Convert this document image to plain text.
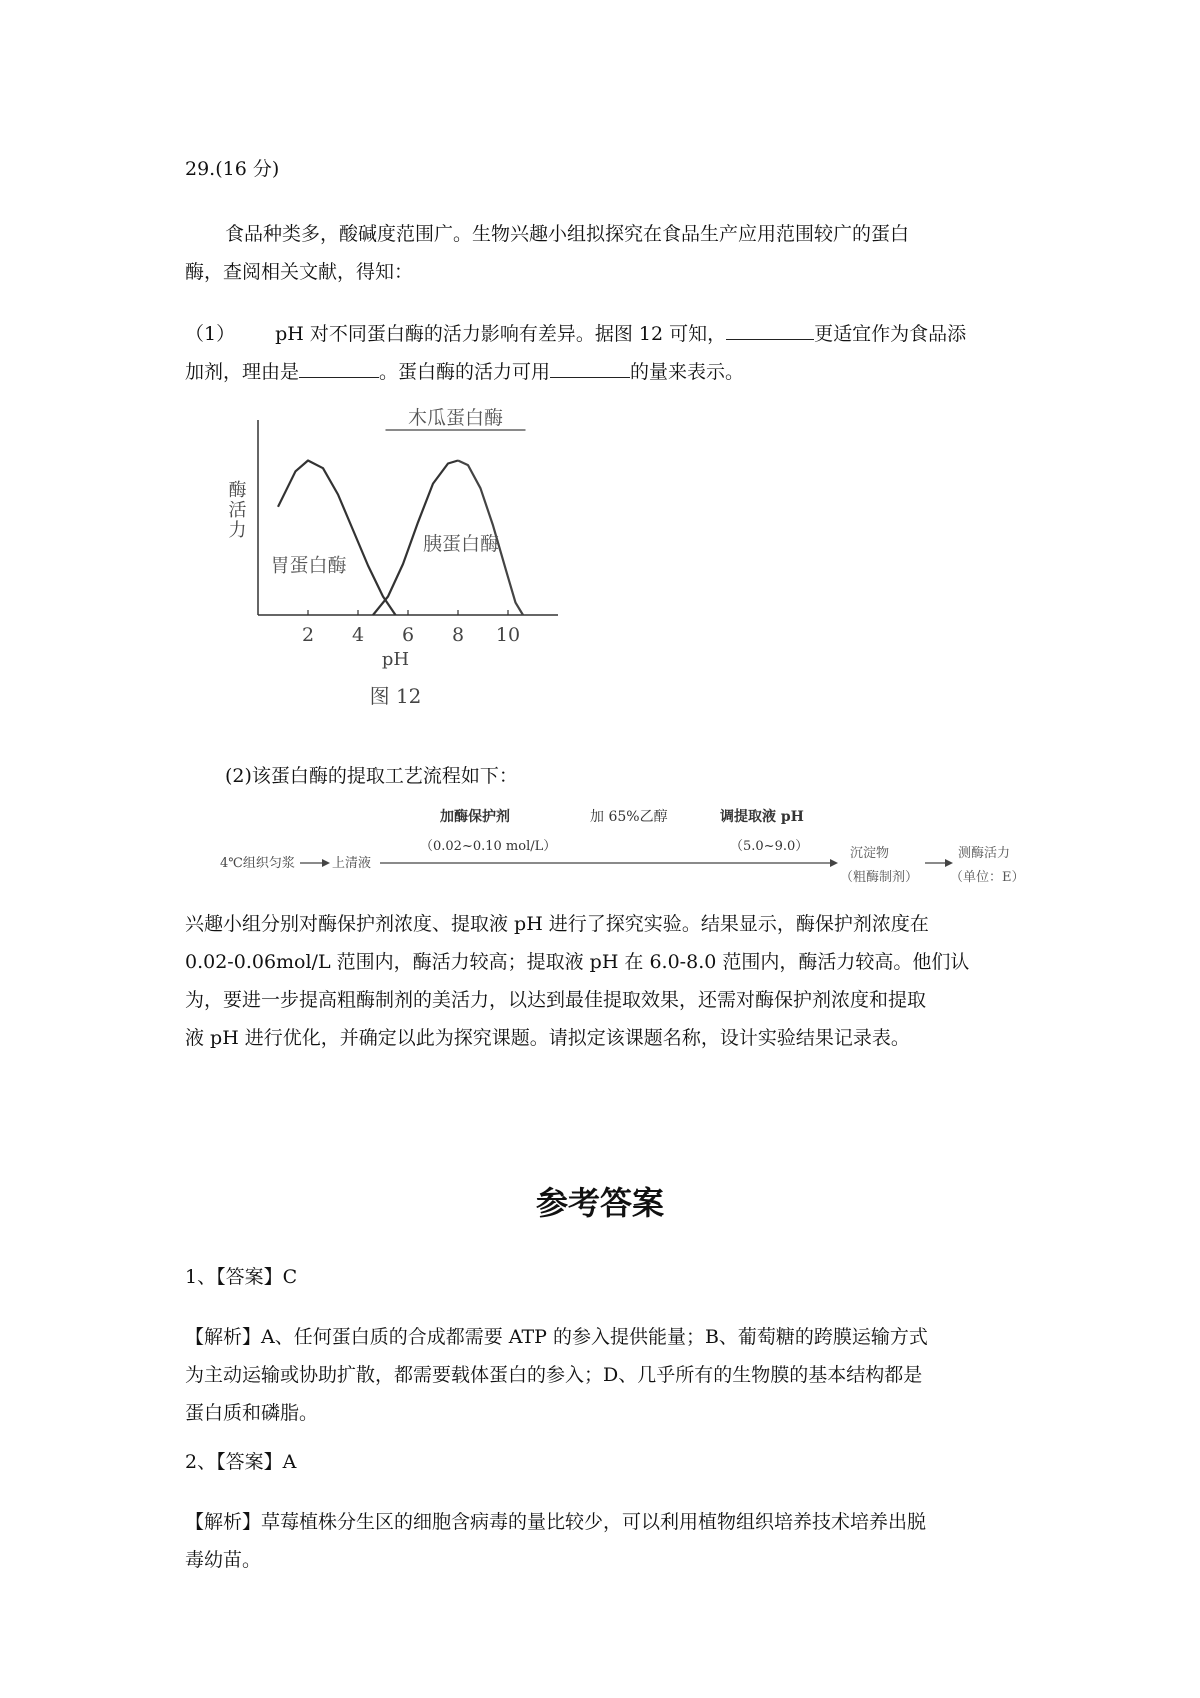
29.(16 分)
食品种类多，酸碱度范围广。生物兴趣小组拟探究在食品生产应用范围较广的蛋白
酶，查阅相关文献，得知：
（1） pH 对不同蛋白酶的活力影响有差异。据图 12 可知，	更适宜作为食品添
加剂，理由是	。蛋白酶的活力可用	的量来表示。
2 4 6 8 10
pH
酶活力
木瓜蛋白酶
胃蛋白酶
胰蛋白酶
图 12
(2)该蛋白酶的提取工艺流程如下：
4℃组织匀浆	上清液
加酶保护剂
（0.02~0.10 mol/L）
加 65%乙醇	调提取液 pH
（5.0~9.0）	沉淀物
（粗酶制剂）
测酶活力
（单位：E）
兴趣小组分别对酶保护剂浓度、提取液 pH 进行了探究实验。结果显示，酶保护剂浓度在
0.02-0.06mol/L 范围内，酶活力较高；提取液 pH 在 6.0-8.0 范围内，酶活力较高。他们认
为，要进一步提高粗酶制剂的美活力，以达到最佳提取效果，还需对酶保护剂浓度和提取
液 pH 进行优化，并确定以此为探究课题。请拟定该课题名称，设计实验结果记录表。
参考答案
1、【答案】C
【解析】A、任何蛋白质的合成都需要 ATP 的参入提供能量；B、葡萄糖的跨膜运输方式
为主动运输或协助扩散，都需要载体蛋白的参入；D、几乎所有的生物膜的基本结构都是
蛋白质和磷脂。
2、【答案】A
【解析】草莓植株分生区的细胞含病毒的量比较少，可以利用植物组织培养技术培养出脱
毒幼苗。
